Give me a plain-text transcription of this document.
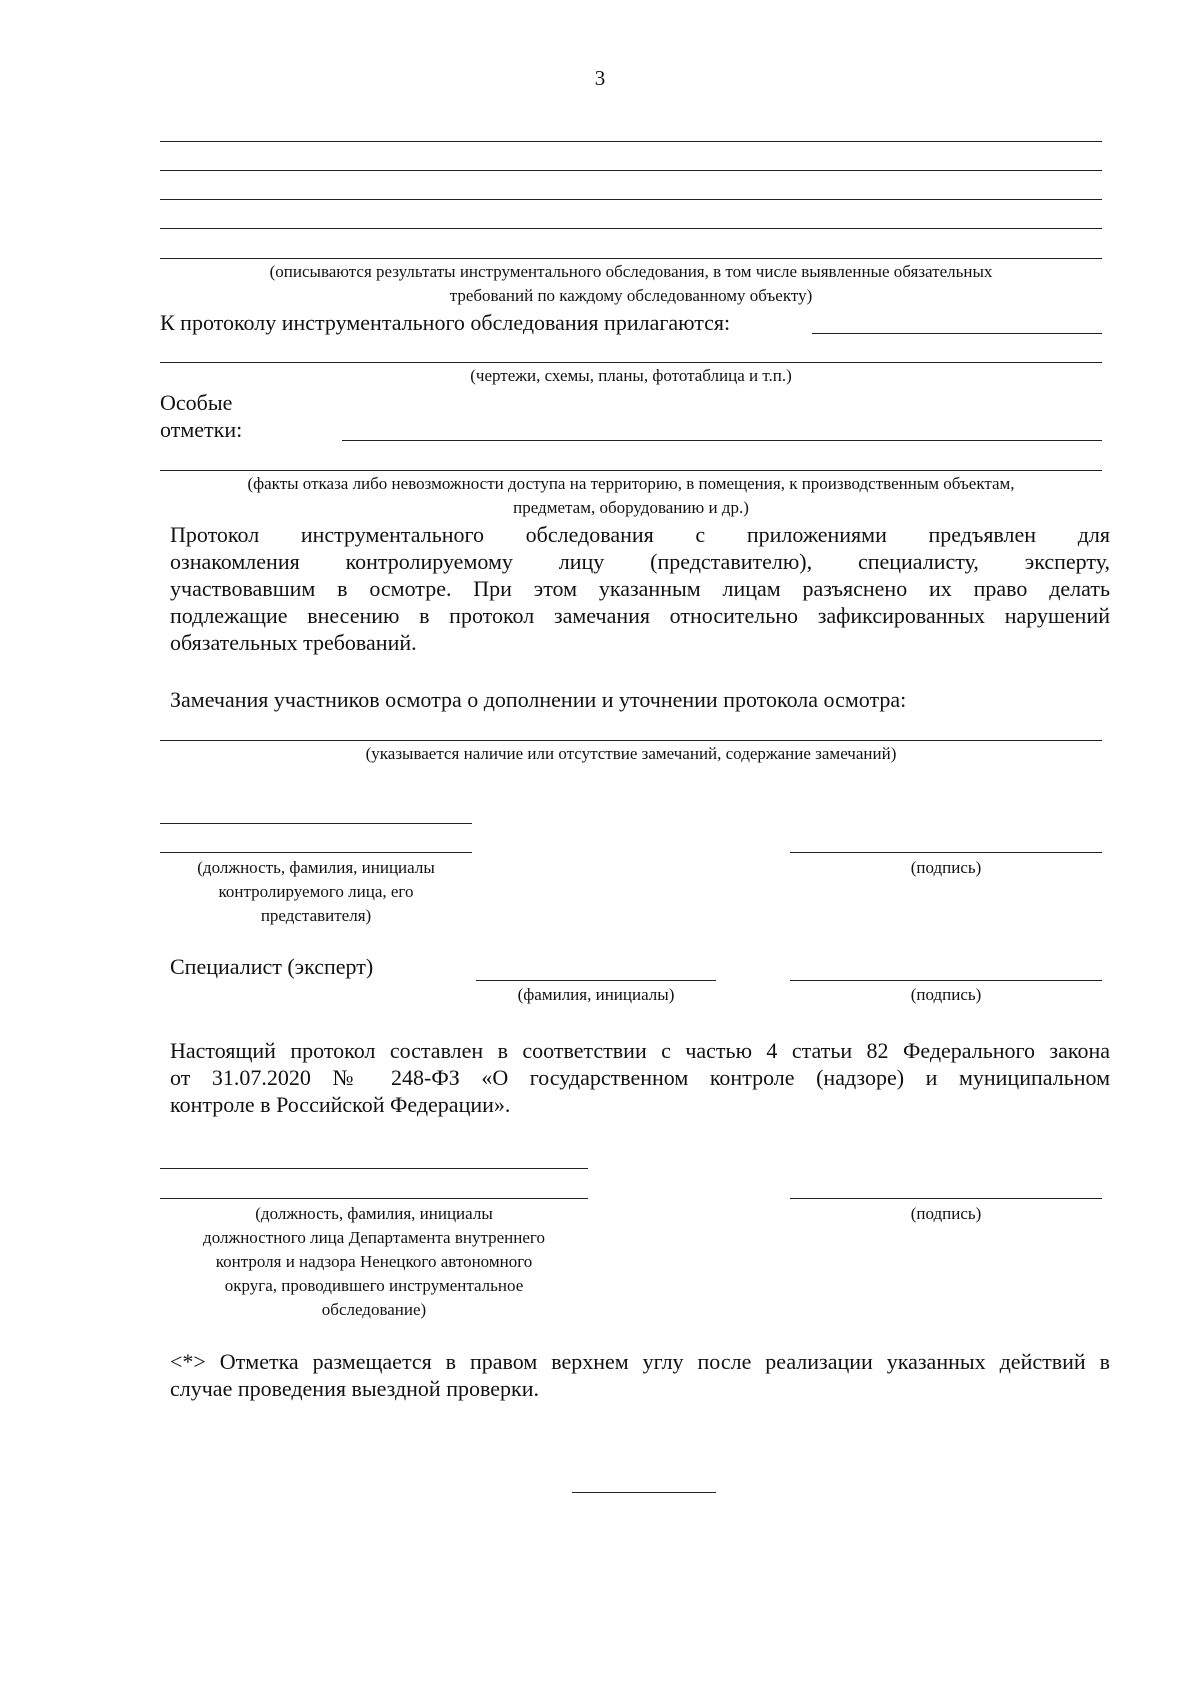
3
(описываются результаты инструментального обследования, в том числе выявленные обязательных
требований по каждому обследованному объекту)
К протоколу инструментального обследования прилагаются:
(чертежи, схемы, планы, фототаблица и т.п.)
Особые
отметки:
(факты отказа либо невозможности доступа на территорию, в помещения, к производственным объектам,
предметам, оборудованию и др.)
Протокол инструментального обследования с приложениями предъявлен для
ознакомления контролируемому лицу (представителю), специалисту, эксперту,
участвовавшим в осмотре. При этом указанным лицам разъяснено их право делать
подлежащие внесению в протокол замечания относительно зафиксированных нарушений
обязательных требований.
Замечания участников осмотра о дополнении и уточнении протокола осмотра:
(указывается наличие или отсутствие замечаний, содержание замечаний)
(должность, фамилия, инициалы
контролируемого лица, его
представителя)
(подпись)
Специалист (эксперт)
(фамилия, инициалы)	(подпись)
Настоящий протокол составлен в соответствии с частью 4 статьи 82 Федерального закона
от 31.07.2020 № 248-ФЗ «О государственном контроле (надзоре) и муниципальном
контроле в Российской Федерации».
(должность, фамилия, инициалы
должностного лица Департамента внутреннего
контроля и надзора Ненецкого автономного
округа, проводившего инструментальное
обследование)
(подпись)
<*> Отметка размещается в правом верхнем углу после реализации указанных действий в
случае проведения выездной проверки.
